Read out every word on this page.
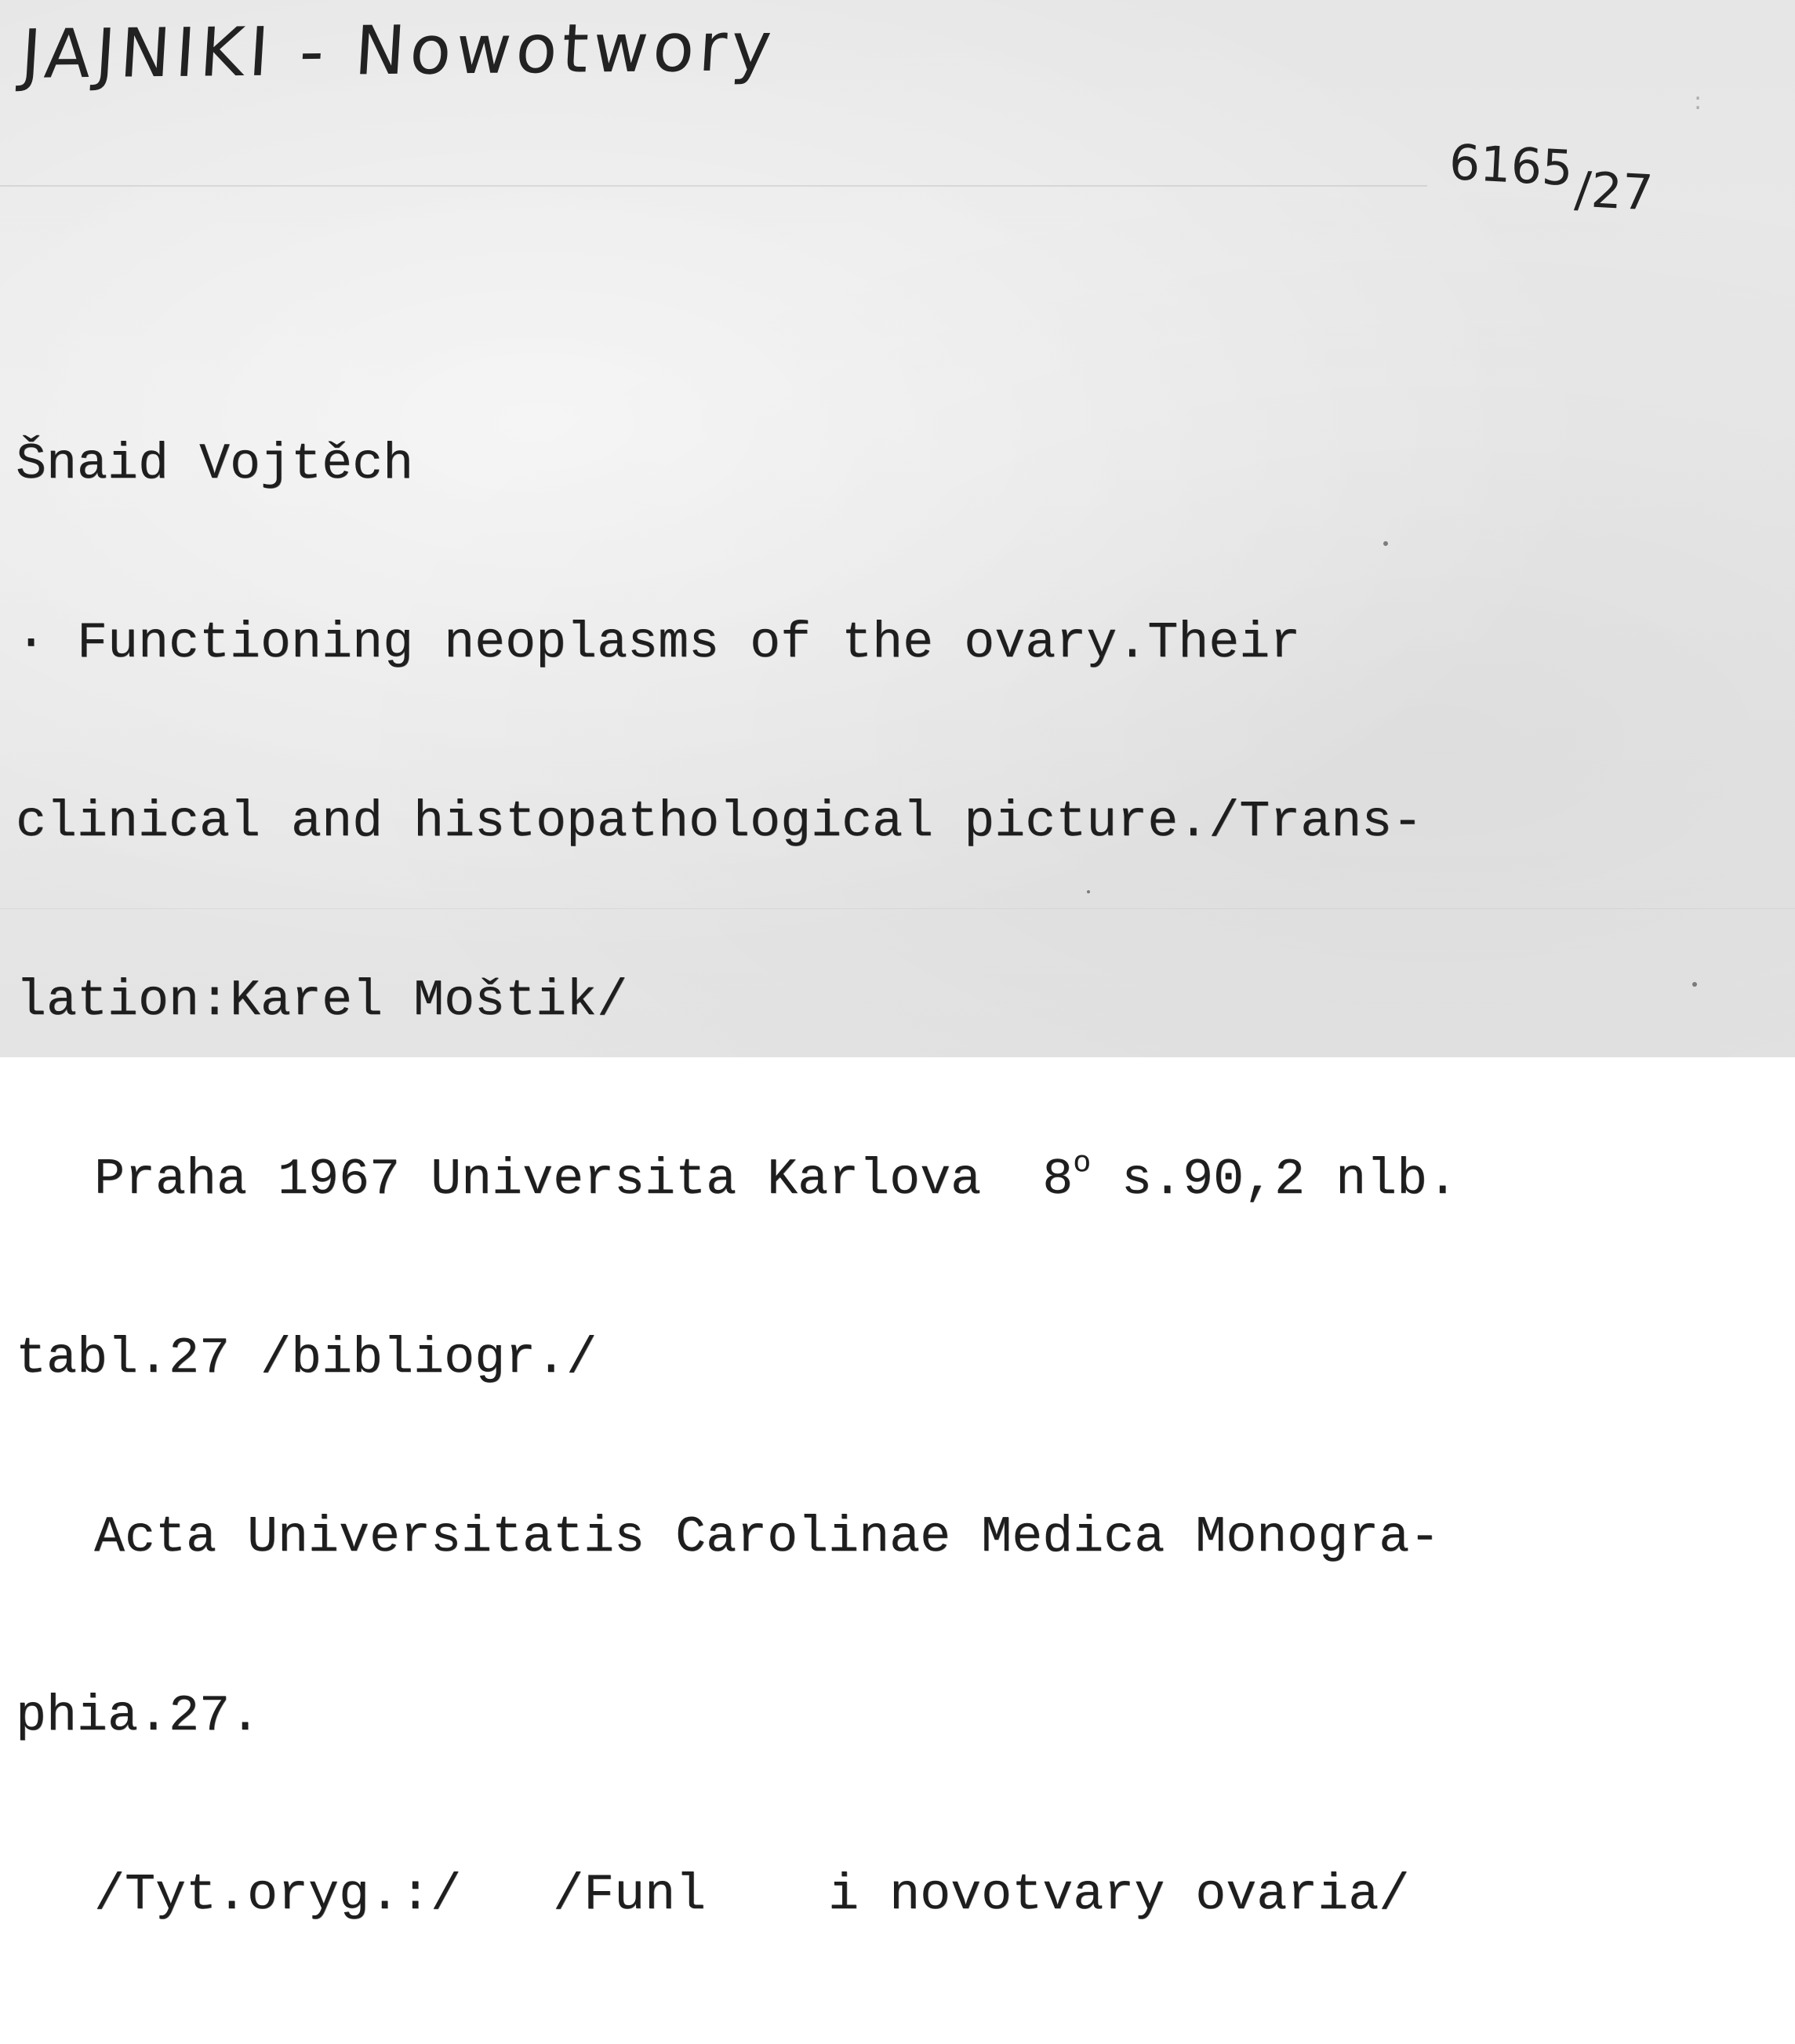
JAJNIKI - Nowotwory
:
6165/27

Šnaid Vojtěch

· Functioning neoplasms of the ovary.Their

clinical and histopathological picture./Trans-

lation:Karel Moštik/

Praha 1967 Universita Karlova  8$^o$ s.90,2 nlb.

tabl.27 /bibliogr./

Acta Universitatis Carolinae Medica Monogra-

phia.27.

/Tyt.oryg.:/   /Funl    i novotvary ovaria/
